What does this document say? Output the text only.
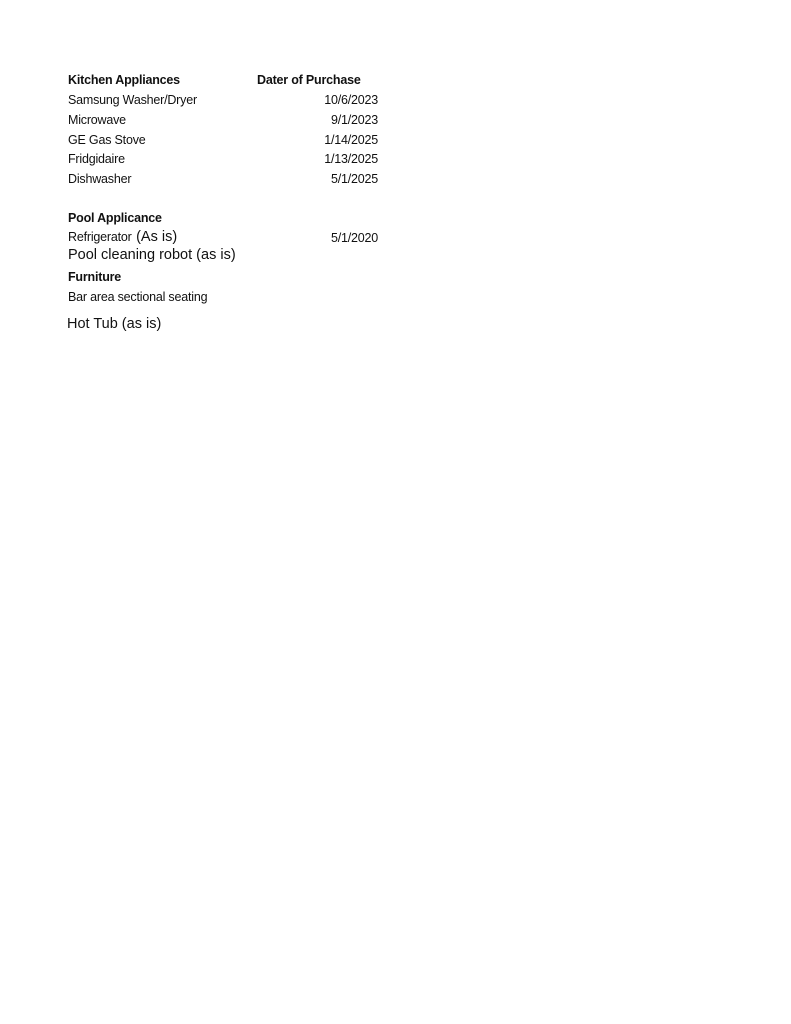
Kitchen Appliances	Dater of Purchase
Samsung Washer/Dryer	10/6/2023
Microwave	9/1/2023
GE Gas Stove	1/14/2025
Fridgidaire	1/13/2025
Dishwasher	5/1/2025
Pool Applicance
Refrigerator (As is)	5/1/2020
Pool cleaning robot (as is)
Furniture
Bar area sectional seating
Hot Tub (as is)
